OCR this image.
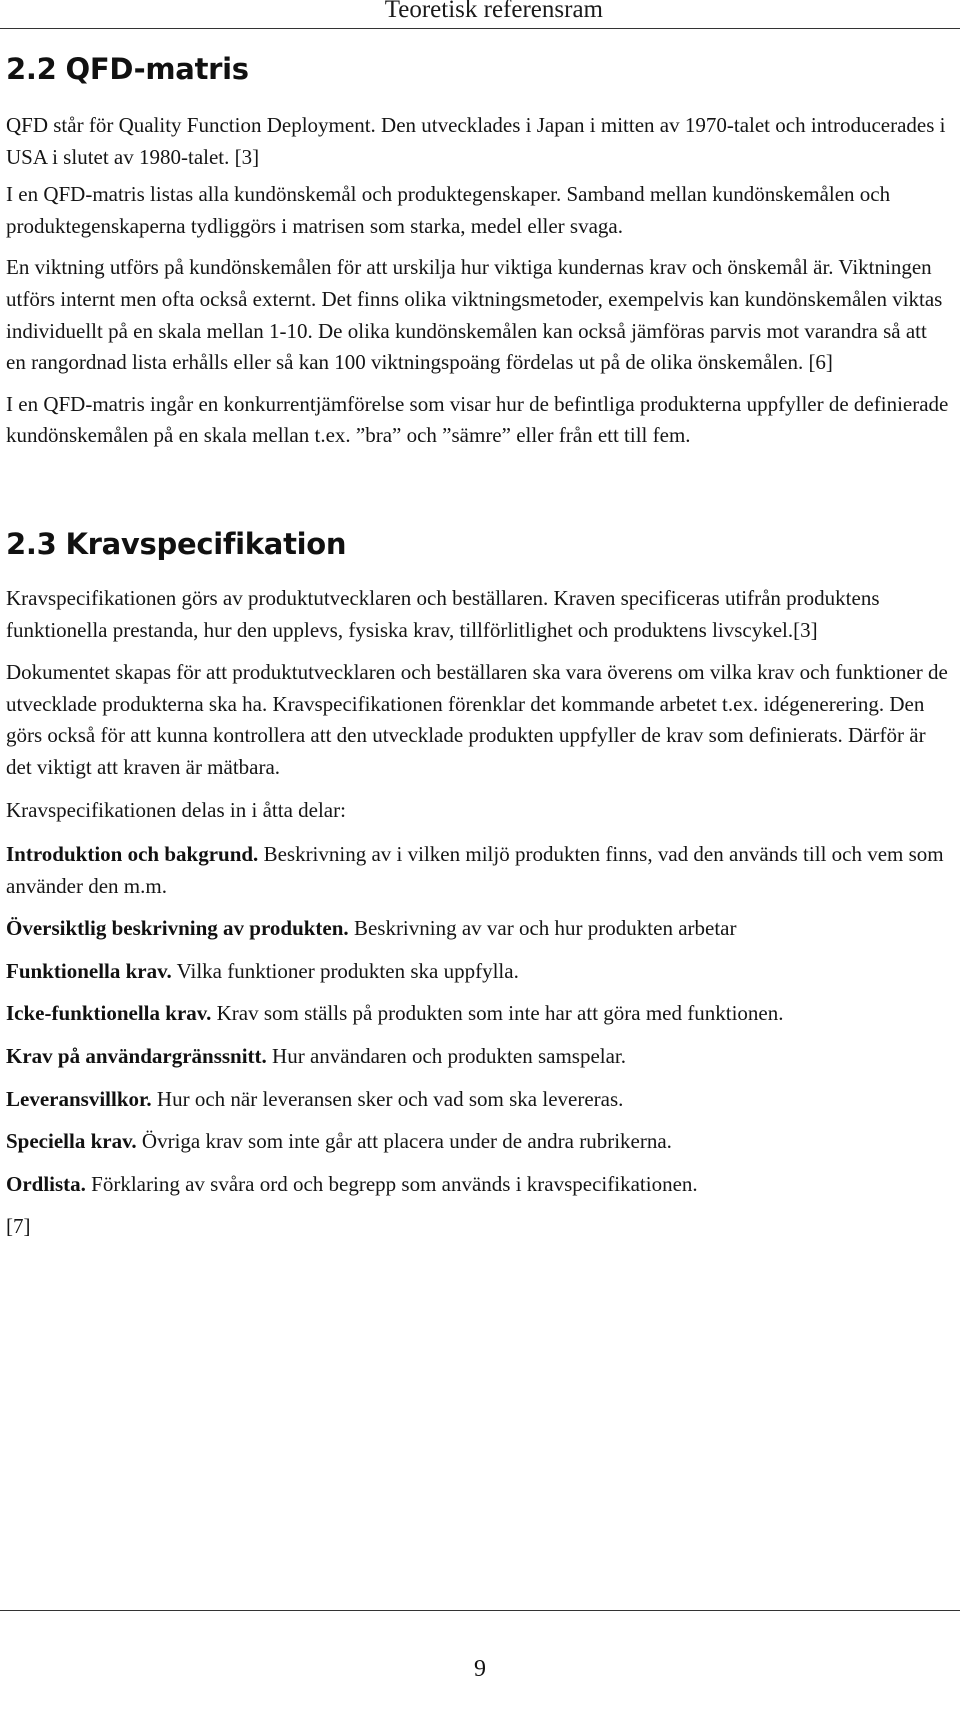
Teoretisk referensram
2.2 QFD-matris

QFD står för Quality Function Deployment. Den utvecklades i Japan i mitten av 1970-talet och introducerades i USA i slutet av 1980-talet. [3]

I en QFD-matris listas alla kundönskemål och produktegenskaper. Samband mellan kundönskemålen och produktegenskaperna tydliggörs i matrisen som starka, medel eller svaga.

En viktning utförs på kundönskemålen för att urskilja hur viktiga kundernas krav och önskemål är. Viktningen utförs internt men ofta också externt. Det finns olika viktningsmetoder, exempelvis kan kundönskemålen viktas individuellt på en skala mellan 1-10. De olika kundönskemålen kan också jämföras parvis mot varandra så att en rangordnad lista erhålls eller så kan 100 viktningspoäng fördelas ut på de olika önskemålen. [6]

I en QFD-matris ingår en konkurrentjämförelse som visar hur de befintliga produkterna uppfyller de definierade kundönskemålen på en skala mellan t.ex. ”bra” och ”sämre” eller från ett till fem.

2.3 Kravspecifikation

Kravspecifikationen görs av produktutvecklaren och beställaren. Kraven specificeras utifrån produktens funktionella prestanda, hur den upplevs, fysiska krav, tillförlitlighet och produktens livscykel.[3]

Dokumentet skapas för att produktutvecklaren och beställaren ska vara överens om vilka krav och funktioner de utvecklade produkterna ska ha. Kravspecifikationen förenklar det kommande arbetet t.ex. idégenerering. Den görs också för att kunna kontrollera att den utvecklade produkten uppfyller de krav som definierats. Därför är det viktigt att kraven är mätbara.

Kravspecifikationen delas in i åtta delar:

Introduktion och bakgrund. Beskrivning av i vilken miljö produkten finns, vad den används till och vem som använder den m.m.

Översiktlig beskrivning av produkten. Beskrivning av var och hur produkten arbetar

Funktionella krav. Vilka funktioner produkten ska uppfylla.

Icke-funktionella krav. Krav som ställs på produkten som inte har att göra med funktionen.

Krav på användargränssnitt. Hur användaren och produkten samspelar.

Leveransvillkor. Hur och när leveransen sker och vad som ska levereras.

Speciella krav. Övriga krav som inte går att placera under de andra rubrikerna.

Ordlista. Förklaring av svåra ord och begrepp som används i kravspecifikationen.

[7]

9
